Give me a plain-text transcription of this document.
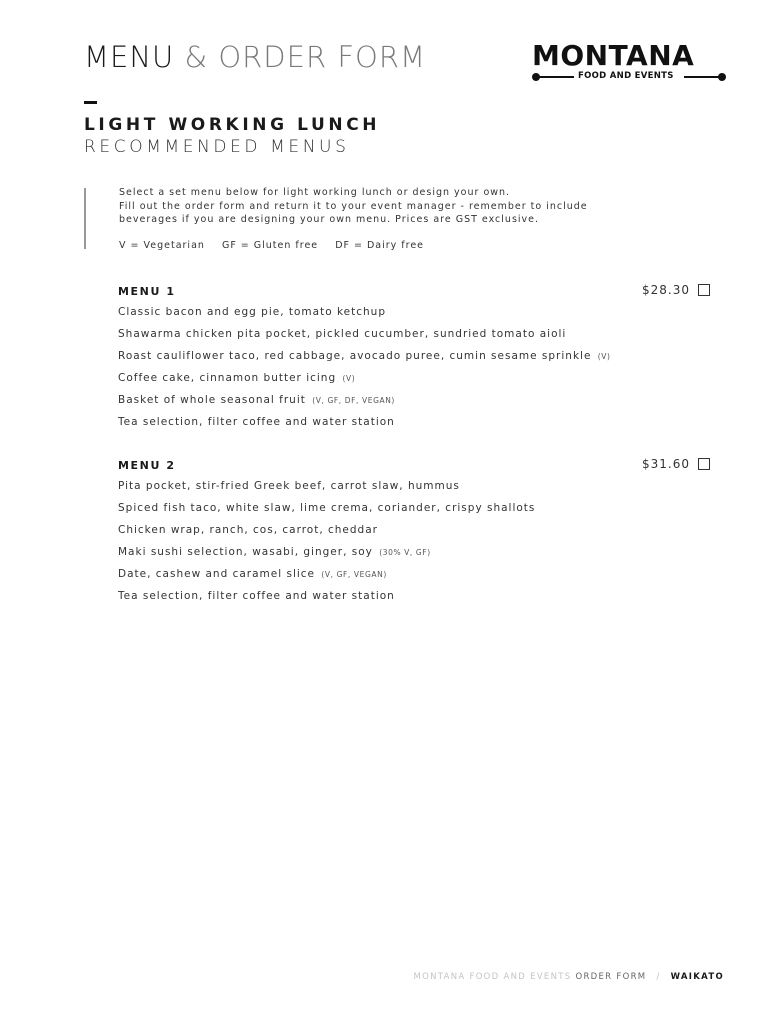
MENU & ORDER FORM	MONTANA
FOOD AND EVENTS
LIGHT WORKING LUNCH
RECOMMENDED MENUS

Select a set menu below for light working lunch or design your own.

Fill out the order form and return it to your event manager - remember to include

beverages if you are designing your own menu. Prices are GST exclusive.

V = Vegetarian GF = Gluten free DF = Dairy free
MENU 1	$28.30
Classic bacon and egg pie, tomato ketchup
Shawarma chicken pita pocket, pickled cucumber, sundried tomato aioli
Roast cauliflower taco, red cabbage, avocado puree, cumin sesame sprinkle (V)
Coffee cake, cinnamon butter icing (V)
Basket of whole seasonal fruit (V, GF, DF, VEGAN)
Tea selection, filter coffee and water station
MENU 2	$31.60
Pita pocket, stir-fried Greek beef, carrot slaw, hummus
Spiced fish taco, white slaw, lime crema, coriander, crispy shallots
Chicken wrap, ranch, cos, carrot, cheddar
Maki sushi selection, wasabi, ginger, soy (30% V, GF)
Date, cashew and caramel slice (V, GF, VEGAN)
Tea selection, filter coffee and water station
MONTANA FOOD AND EVENTS ORDER FORM / WAIKATO
